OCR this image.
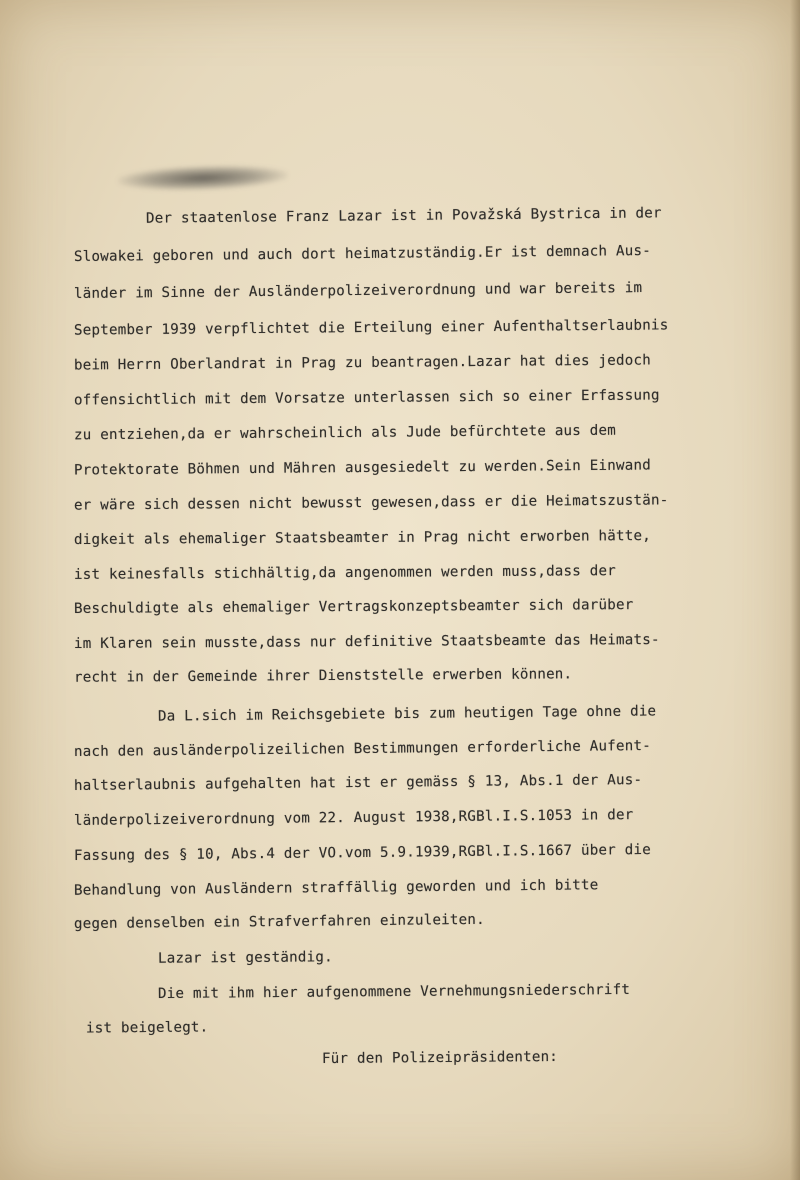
Der staatenlose Franz Lazar ist in Považská Bystrica in der
Slowakei geboren und auch dort heimatzuständig.Er ist demnach Aus-
länder im Sinne der Ausländerpolizeiverordnung und war bereits im
September 1939 verpflichtet die Erteilung einer Aufenthaltserlaubnis
beim Herrn Oberlandrat in Prag zu beantragen.Lazar hat dies jedoch
offensichtlich mit dem Vorsatze unterlassen sich so einer Erfassung
zu entziehen,da er wahrscheinlich als Jude befürchtete aus dem
Protektorate Böhmen und Mähren ausgesiedelt zu werden.Sein Einwand
er wäre sich dessen nicht bewusst gewesen,dass er die Heimatszustän-
digkeit als ehemaliger Staatsbeamter in Prag nicht erworben hätte,
ist keinesfalls stichhältig,da angenommen werden muss,dass der
Beschuldigte als ehemaliger Vertragskonzeptsbeamter sich darüber
im Klaren sein musste,dass nur definitive Staatsbeamte das Heimats-
recht in der Gemeinde ihrer Dienststelle erwerben können.
Da L.sich im Reichsgebiete bis zum heutigen Tage ohne die
nach den ausländerpolizeilichen Bestimmungen erforderliche Aufent-
haltserlaubnis aufgehalten hat ist er gemäss § 13, Abs.1 der Aus-
länderpolizeiverordnung vom 22. August 1938,RGBl.I.S.1053 in der
Fassung des § 10, Abs.4 der VO.vom 5.9.1939,RGBl.I.S.1667 über die
Behandlung von Ausländern straffällig geworden und ich bitte
gegen denselben ein Strafverfahren einzuleiten.
Lazar ist geständig.
Die mit ihm hier aufgenommene Vernehmungsniederschrift
ist beigelegt.
Für den Polizeipräsidenten:
